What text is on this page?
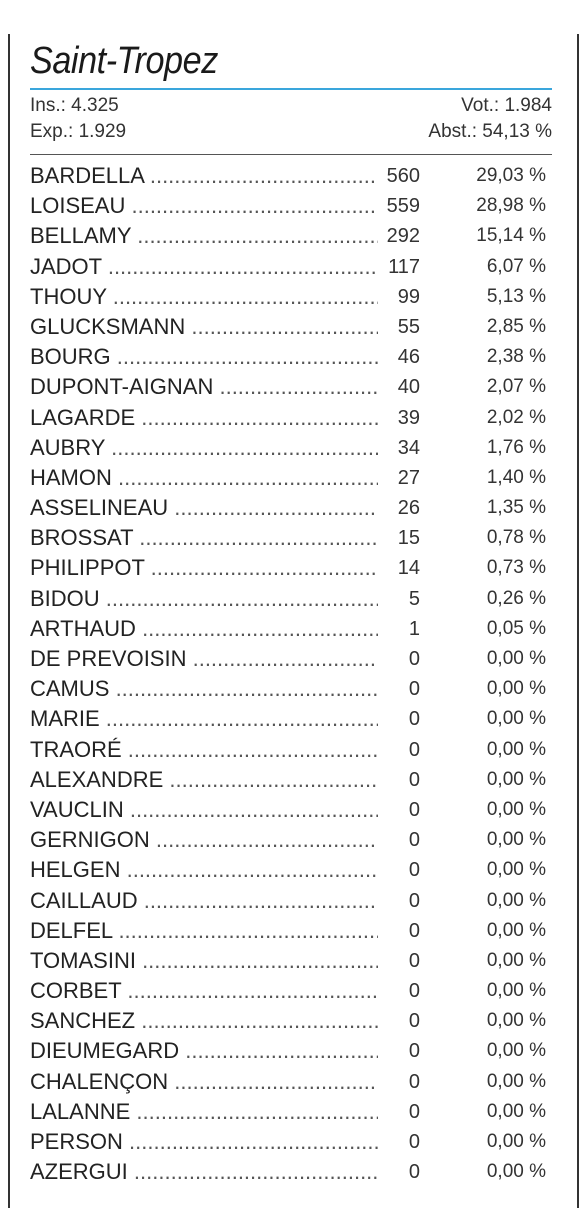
Saint-Tropez
Ins.: 4.325
Exp.: 1.929
Vot.: 1.984
Abst.: 54,13 %
BARDELLA .....	560	29,03 %
LOISEAU .....	559	28,98 %
BELLAMY .....	292	15,14 %
JADOT .....	117	6,07 %
THOUY .....	99	5,13 %
GLUCKSMANN .....	55	2,85 %
BOURG .....	46	2,38 %
DUPONT-AIGNAN .....	40	2,07 %
LAGARDE .....	39	2,02 %
AUBRY .....	34	1,76 %
HAMON .....	27	1,40 %
ASSELINEAU .....	26	1,35 %
BROSSAT .....	15	0,78 %
PHILIPPOT .....	14	0,73 %
BIDOU .....	5	0,26 %
ARTHAUD .....	1	0,05 %
DE PREVOISIN .....	0	0,00 %
CAMUS .....	0	0,00 %
MARIE .....	0	0,00 %
TRAORÉ .....	0	0,00 %
ALEXANDRE .....	0	0,00 %
VAUCLIN .....	0	0,00 %
GERNIGON .....	0	0,00 %
HELGEN .....	0	0,00 %
CAILLAUD .....	0	0,00 %
DELFEL .....	0	0,00 %
TOMASINI .....	0	0,00 %
CORBET .....	0	0,00 %
SANCHEZ .....	0	0,00 %
DIEUMEGARD .....	0	0,00 %
CHALENÇON .....	0	0,00 %
LALANNE .....	0	0,00 %
PERSON .....	0	0,00 %
AZERGUI .....	0	0,00 %
